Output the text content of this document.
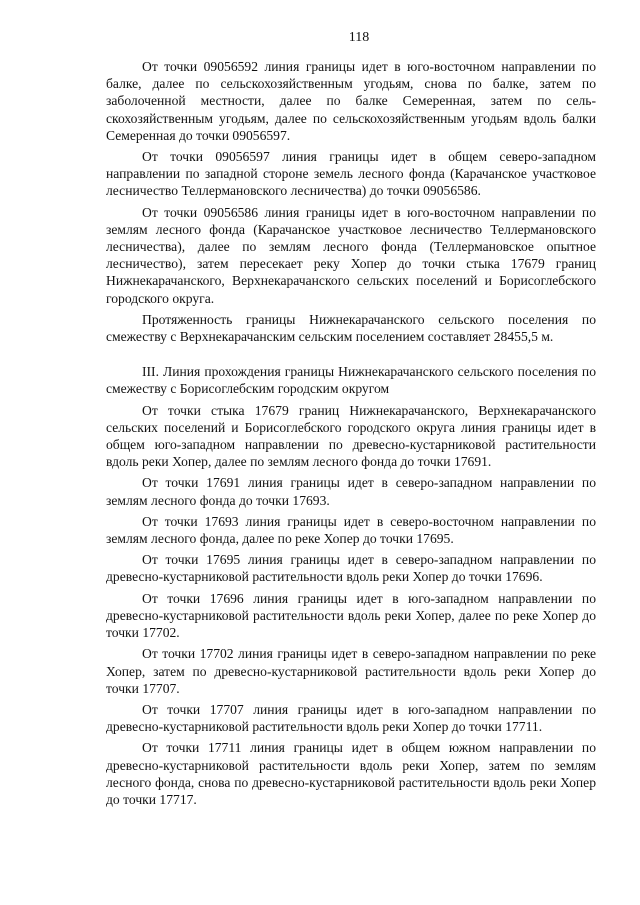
118

От точки 09056592 линия границы идет в юго-восточном направлении по балке, далее по сельскохозяйственным угодьям, снова по балке, затем по заболоченной местности, далее по балке Семеренная, затем по сельскохозяйственным угодьям, далее по сельскохозяйственным угодьям вдоль балки Семеренная до точки 09056597.

От точки 09056597 линия границы идет в общем северо-западном направлении по западной стороне земель лесного фонда (Карачанское участковое лесничество Теллермановского лесничества) до точки 09056586.

От точки 09056586 линия границы идет в юго-восточном направлении по землям лесного фонда (Карачанское участковое лесничество Теллермановского лесничества), далее по землям лесного фонда (Теллермановское опытное лесничество), затем пересекает реку Хопер до точки стыка 17679 границ Нижнекарачанского, Верхнекарачанского сельских поселений и Борисоглебского городского округа.

Протяженность границы Нижнекарачанского сельского поселения по смежеству с Верхнекарачанским сельским поселением составляет 28455,5 м.

III. Линия прохождения границы Нижнекарачанского сельского поселения по смежеству с Борисоглебским городским округом

От точки стыка 17679 границ Нижнекарачанского, Верхнекарачанского сельских поселений и Борисоглебского городского округа линия границы идет в общем юго-западном направлении по древесно-кустарниковой растительности вдоль реки Хопер, далее по землям лесного фонда до точки 17691.

От точки 17691 линия границы идет в северо-западном направлении по землям лесного фонда до точки 17693.

От точки 17693 линия границы идет в северо-восточном направлении по землям лесного фонда, далее по реке Хопер до точки 17695.

От точки 17695 линия границы идет в северо-западном направлении по древесно-кустарниковой растительности вдоль реки Хопер до точки 17696.

От точки 17696 линия границы идет в юго-западном направлении по древесно-кустарниковой растительности вдоль реки Хопер, далее по реке Хопер до точки 17702.

От точки 17702 линия границы идет в северо-западном направлении по реке Хопер, затем по древесно-кустарниковой растительности вдоль реки Хопер до точки 17707.

От точки 17707 линия границы идет в юго-западном направлении по древесно-кустарниковой растительности вдоль реки Хопер до точки 17711.

От точки 17711 линия границы идет в общем южном направлении по древесно-кустарниковой растительности вдоль реки Хопер, затем по землям лесного фонда, снова по древесно-кустарниковой растительности вдоль реки Хопер до точки 17717.
